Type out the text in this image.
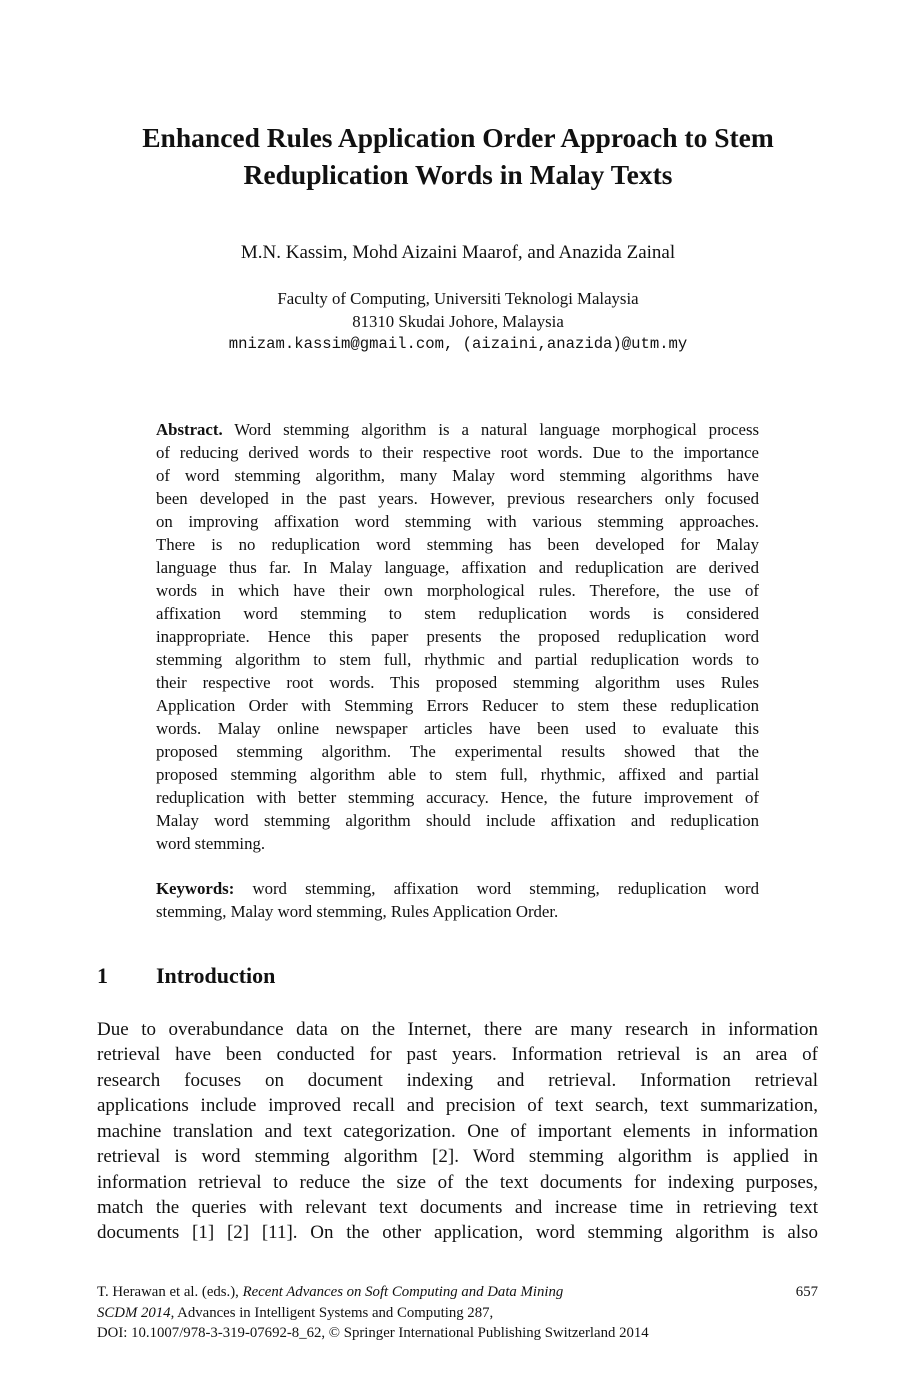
Enhanced Rules Application Order Approach to Stem
Reduplication Words in Malay Texts
M.N. Kassim, Mohd Aizaini Maarof, and Anazida Zainal
Faculty of Computing, Universiti Teknologi Malaysia
81310 Skudai Johore, Malaysia
mnizam.kassim@gmail.com, (aizaini,anazida)@utm.my
Abstract. Word stemming algorithm is a natural language morphogical process
of reducing derived words to their respective root words. Due to the importance
of word stemming algorithm, many Malay word stemming algorithms have
been developed in the past years. However, previous researchers only focused
on improving affixation word stemming with various stemming approaches.
There is no reduplication word stemming has been developed for Malay
language thus far. In Malay language, affixation and reduplication are derived
words in which have their own morphological rules. Therefore, the use of
affixation word stemming to stem reduplication words is considered
inappropriate. Hence this paper presents the proposed reduplication word
stemming algorithm to stem full, rhythmic and partial reduplication words to
their respective root words. This proposed stemming algorithm uses Rules
Application Order with Stemming Errors Reducer to stem these reduplication
words. Malay online newspaper articles have been used to evaluate this
proposed stemming algorithm. The experimental results showed that the
proposed stemming algorithm able to stem full, rhythmic, affixed and partial
reduplication with better stemming accuracy. Hence, the future improvement of
Malay word stemming algorithm should include affixation and reduplication
word stemming.
Keywords: word stemming, affixation word stemming, reduplication word
stemming, Malay word stemming, Rules Application Order.
1 Introduction
Due to overabundance data on the Internet, there are many research in information
retrieval have been conducted for past years. Information retrieval is an area of
research focuses on document indexing and retrieval. Information retrieval
applications include improved recall and precision of text search, text summarization,
machine translation and text categorization. One of important elements in information
retrieval is word stemming algorithm [2]. Word stemming algorithm is applied in
information retrieval to reduce the size of the text documents for indexing purposes,
match the queries with relevant text documents and increase time in retrieving text
documents [1] [2] [11]. On the other application, word stemming algorithm is also
T. Herawan et al. (eds.), Recent Advances on Soft Computing and Data Mining
SCDM 2014, Advances in Intelligent Systems and Computing 287,
DOI: 10.1007/978-3-319-07692-8_62, © Springer International Publishing Switzerland 2014
657
